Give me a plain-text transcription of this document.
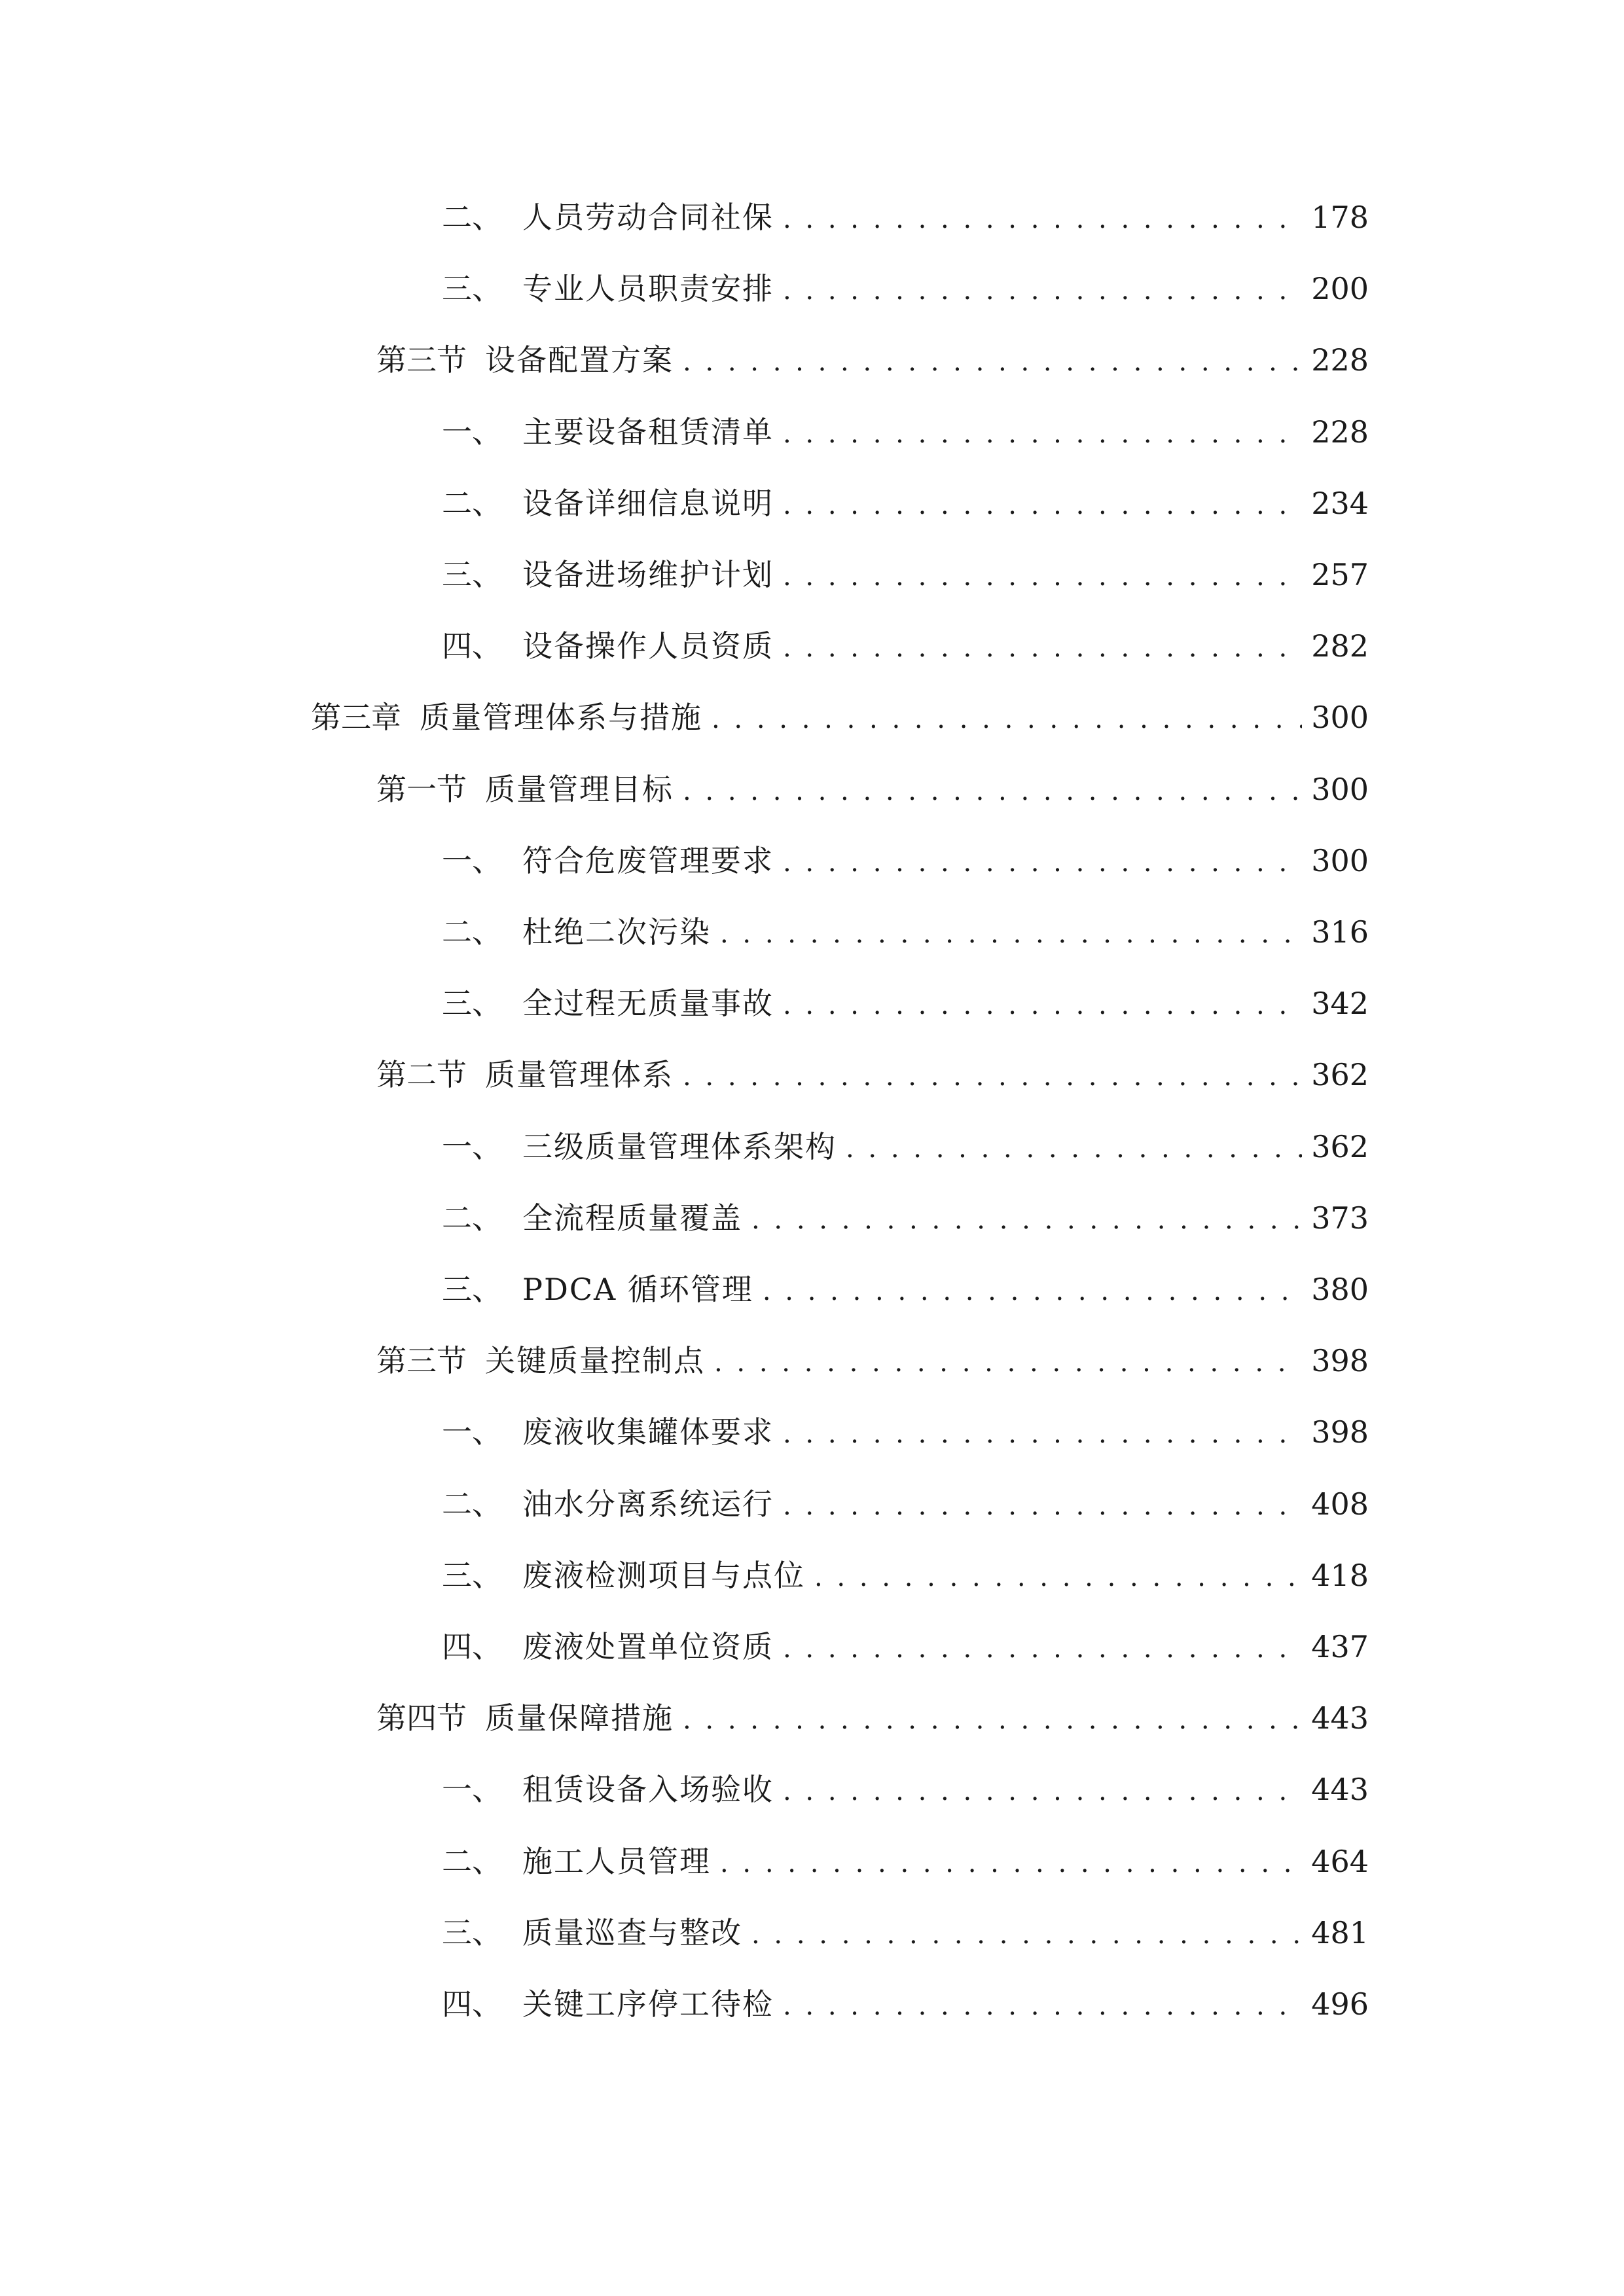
二、 人员劳动合同社保 . . .	178
三、 专业人员职责安排 . . .	200
第三节 设备配置方案 . . .	228
一、 主要设备租赁清单 . . .	228
二、 设备详细信息说明 . . .	234
三、 设备进场维护计划 . . .	257
四、 设备操作人员资质 . . .	282
第三章 质量管理体系与措施 . . .	300
第一节 质量管理目标 . . .	300
一、 符合危废管理要求 . . .	300
二、 杜绝二次污染 . . .	316
三、 全过程无质量事故 . . .	342
第二节 质量管理体系 . . .	362
一、 三级质量管理体系架构 . . .	362
二、 全流程质量覆盖 . . .	373
三、 PDCA 循环管理 . . .	380
第三节 关键质量控制点 . . .	398
一、 废液收集罐体要求 . . .	398
二、 油水分离系统运行 . . .	408
三、 废液检测项目与点位 . . .	418
四、 废液处置单位资质 . . .	437
第四节 质量保障措施 . . .	443
一、 租赁设备入场验收 . . .	443
二、 施工人员管理 . . .	464
三、 质量巡查与整改 . . .	481
四、 关键工序停工待检 . . .	496
